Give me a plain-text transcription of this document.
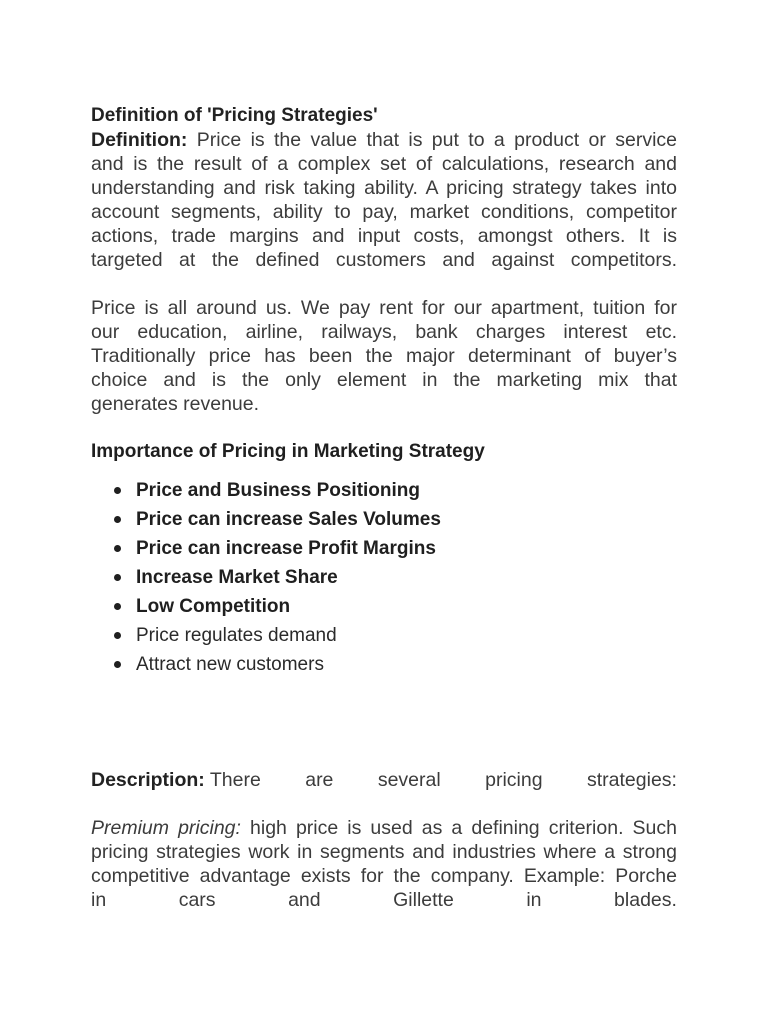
Definition of 'Pricing Strategies'

Definition: Price is the value that is put to a product or service

and is the result of a complex set of calculations, research and

understanding and risk taking ability. A pricing strategy takes into

account segments, ability to pay, market conditions, competitor

actions, trade margins and input costs, amongst others. It is

targeted at the defined customers and against competitors.

Price is all around us. We pay rent for our apartment, tuition for

our education, airline, railways, bank charges interest etc.

Traditionally price has been the major determinant of buyer’s

choice and is the only element in the marketing mix that

generates revenue.

Importance of Pricing in Marketing Strategy

Price and Business Positioning
Price can increase Sales Volumes
Price can increase Profit Margins
Increase Market Share
Low Competition
Price regulates demand
Attract new customers
Description: There are several pricing strategies:

Premium pricing: high price is used as a defining criterion. Such

pricing strategies work in segments and industries where a strong

competitive advantage exists for the company. Example: Porche

in	cars	and	Gillette	in	blades.
